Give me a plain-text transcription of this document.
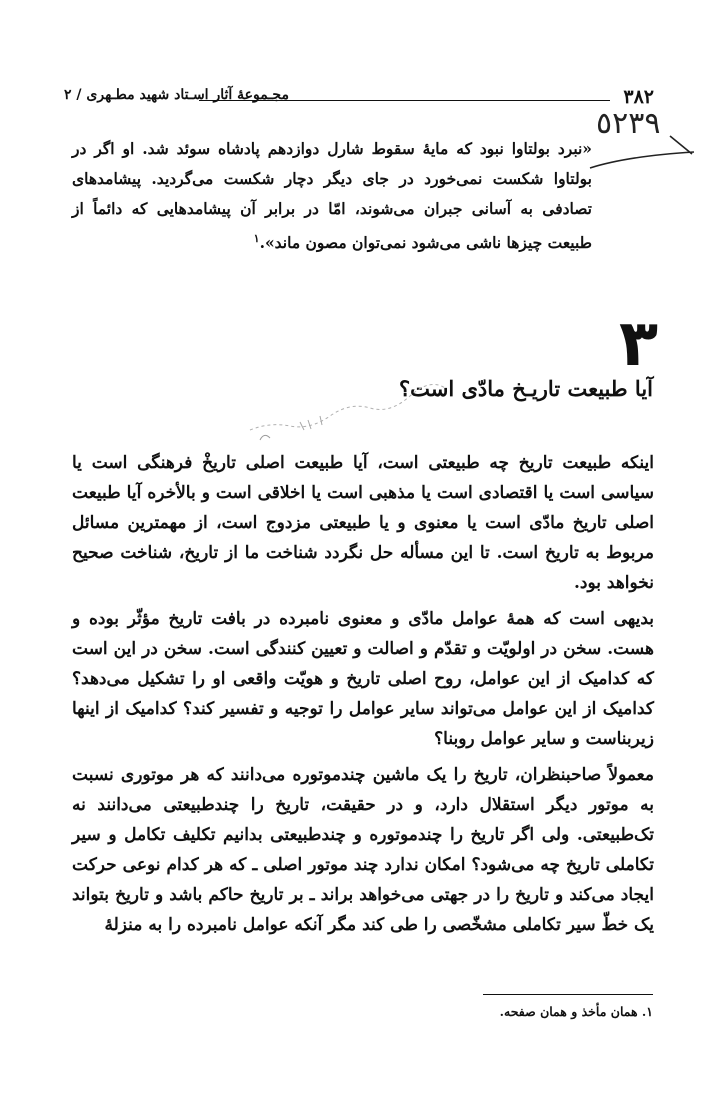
۳۸۲
مجـموعهٔ آثار اسـتاد شهید مطـهری / ۲
٥٢٣٩

«نبرد بولتاوا نبود که مایهٔ سقوط شارل دوازدهم پادشاه سوئد شد. او اگر در بولتاوا شکست نمی‌خورد در جای دیگر دچار شکست می‌گردید. پیشامدهای تصادفی به آسانی جبران می‌شوند، امّا در برابر آن پیشامدهایی که دائماً از طبیعت چیزها ناشی می‌شود نمی‌توان مصون ماند».$^۱$

۳
آیا طبیعت تاریـخ مادّی است؟

اینکه طبیعت تاریخ چه طبیعتی است، آیا طبیعت اصلی تاریخْ فرهنگی است یا سیاسی است یا اقتصادی است یا مذهبی است یا اخلاقی است و بالأخره آیا طبیعت اصلی تاریخ مادّی است یا معنوی و یا طبیعتی مزدوج است، از مهمترین مسائل مربوط به تاریخ است. تا این مسأله حل نگردد شناخت ما از تاریخ، شناخت صحیح نخواهد بود.

بدیهی است که همهٔ عوامل مادّی و معنوی نامبرده در بافت تاریخ مؤثّر بوده و هست. سخن در اولویّت و تقدّم و اصالت و تعیین کنندگی است. سخن در این است که کدامیک از این عوامل، روح اصلی تاریخ و هویّت واقعی او را تشکیل می‌دهد؟ کدامیک از این عوامل می‌تواند سایر عوامل را توجیه و تفسیر کند؟ کدامیک از اینها زیربناست و سایر عوامل روبنا؟

معمولاً صاحبنظران، تاریخ را یک ماشین چندموتوره می‌دانند که هر موتوری نسبت به موتور دیگر استقلال دارد، و در حقیقت، تاریخ را چندطبیعتی می‌دانند نه تک‌طبیعتی. ولی اگر تاریخ را چندموتوره و چندطبیعتی بدانیم تکلیف تکامل و سیر تکاملی تاریخ چه می‌شود؟ امکان ندارد چند موتور اصلی ـ که هر کدام نوعی حرکت ایجاد می‌کند و تاریخ را در جهتی می‌خواهد براند ـ بر تاریخ حاکم باشد و تاریخ بتواند یک خطّ سیر تکاملی مشخّصی را طی کند مگر آنکه عوامل نامبرده را به منزلهٔ

۱. همان مأخذ و همان صفحه.
